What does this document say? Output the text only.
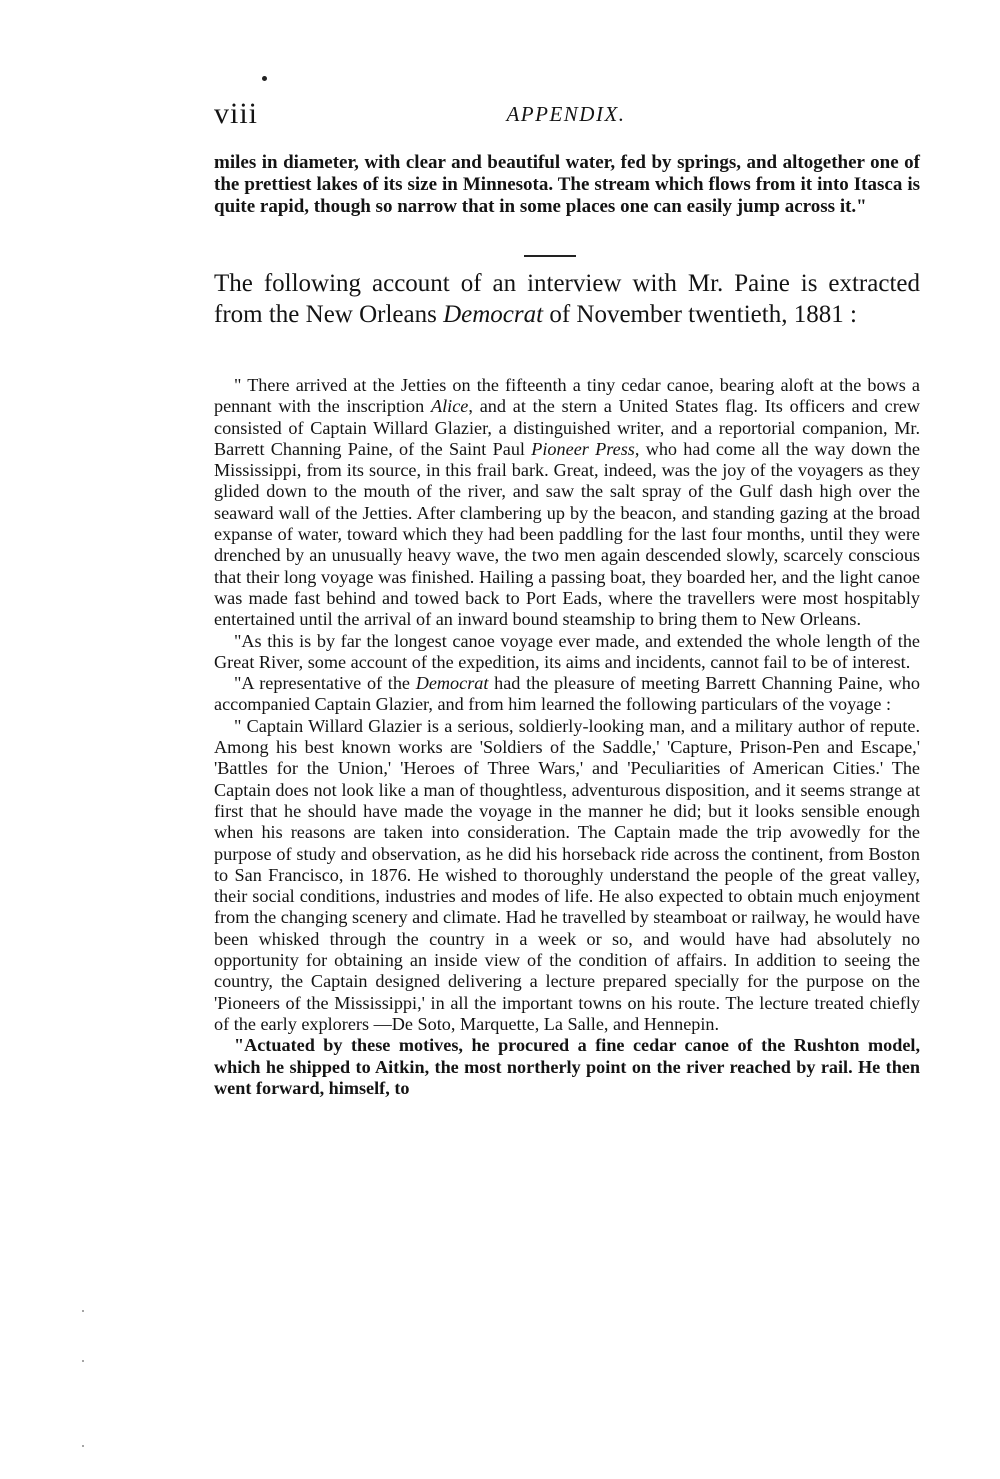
viii	APPENDIX.

miles in diameter, with clear and beautiful water, fed by springs, and altogether one of the prettiest lakes of its size in Minnesota. The stream which flows from it into Itasca is quite rapid, though so narrow that in some places one can easily jump across it."

The following account of an interview with Mr. Paine is extracted from the New Orleans Democrat of November twentieth, 1881 :

" There arrived at the Jetties on the fifteenth a tiny cedar canoe, bearing aloft at the bows a pennant with the inscription Alice, and at the stern a United States flag. Its officers and crew consisted of Captain Willard Glazier, a distinguished writer, and a reportorial companion, Mr. Barrett Channing Paine, of the Saint Paul Pioneer Press, who had come all the way down the Mississippi, from its source, in this frail bark. Great, indeed, was the joy of the voyagers as they glided down to the mouth of the river, and saw the salt spray of the Gulf dash high over the seaward wall of the Jetties. After clambering up by the beacon, and standing gazing at the broad expanse of water, toward which they had been paddling for the last four months, until they were drenched by an unusually heavy wave, the two men again descended slowly, scarcely conscious that their long voyage was finished. Hailing a passing boat, they boarded her, and the light canoe was made fast behind and towed back to Port Eads, where the travellers were most hospitably entertained until the arrival of an inward bound steamship to bring them to New Orleans.

"As this is by far the longest canoe voyage ever made, and extended the whole length of the Great River, some account of the expedition, its aims and incidents, cannot fail to be of interest.

"A representative of the Democrat had the pleasure of meeting Barrett Channing Paine, who accompanied Captain Glazier, and from him learned the following particulars of the voyage :

" Captain Willard Glazier is a serious, soldierly-looking man, and a military author of repute. Among his best known works are 'Soldiers of the Saddle,' 'Capture, Prison-Pen and Escape,' 'Battles for the Union,' 'Heroes of Three Wars,' and 'Peculiarities of American Cities.' The Captain does not look like a man of thoughtless, adventurous disposition, and it seems strange at first that he should have made the voyage in the manner he did; but it looks sensible enough when his reasons are taken into consideration. The Captain made the trip avowedly for the purpose of study and observation, as he did his horseback ride across the continent, from Boston to San Francisco, in 1876. He wished to thoroughly understand the people of the great valley, their social conditions, industries and modes of life. He also expected to obtain much enjoyment from the changing scenery and climate. Had he travelled by steamboat or railway, he would have been whisked through the country in a week or so, and would have had absolutely no opportunity for obtaining an inside view of the condition of affairs. In addition to seeing the country, the Captain designed delivering a lecture prepared specially for the purpose on the 'Pioneers of the Mississippi,' in all the important towns on his route. The lecture treated chiefly of the early explorers —De Soto, Marquette, La Salle, and Hennepin.

"Actuated by these motives, he procured a fine cedar canoe of the Rushton model, which he shipped to Aitkin, the most northerly point on the river reached by rail. He then went forward, himself, to
